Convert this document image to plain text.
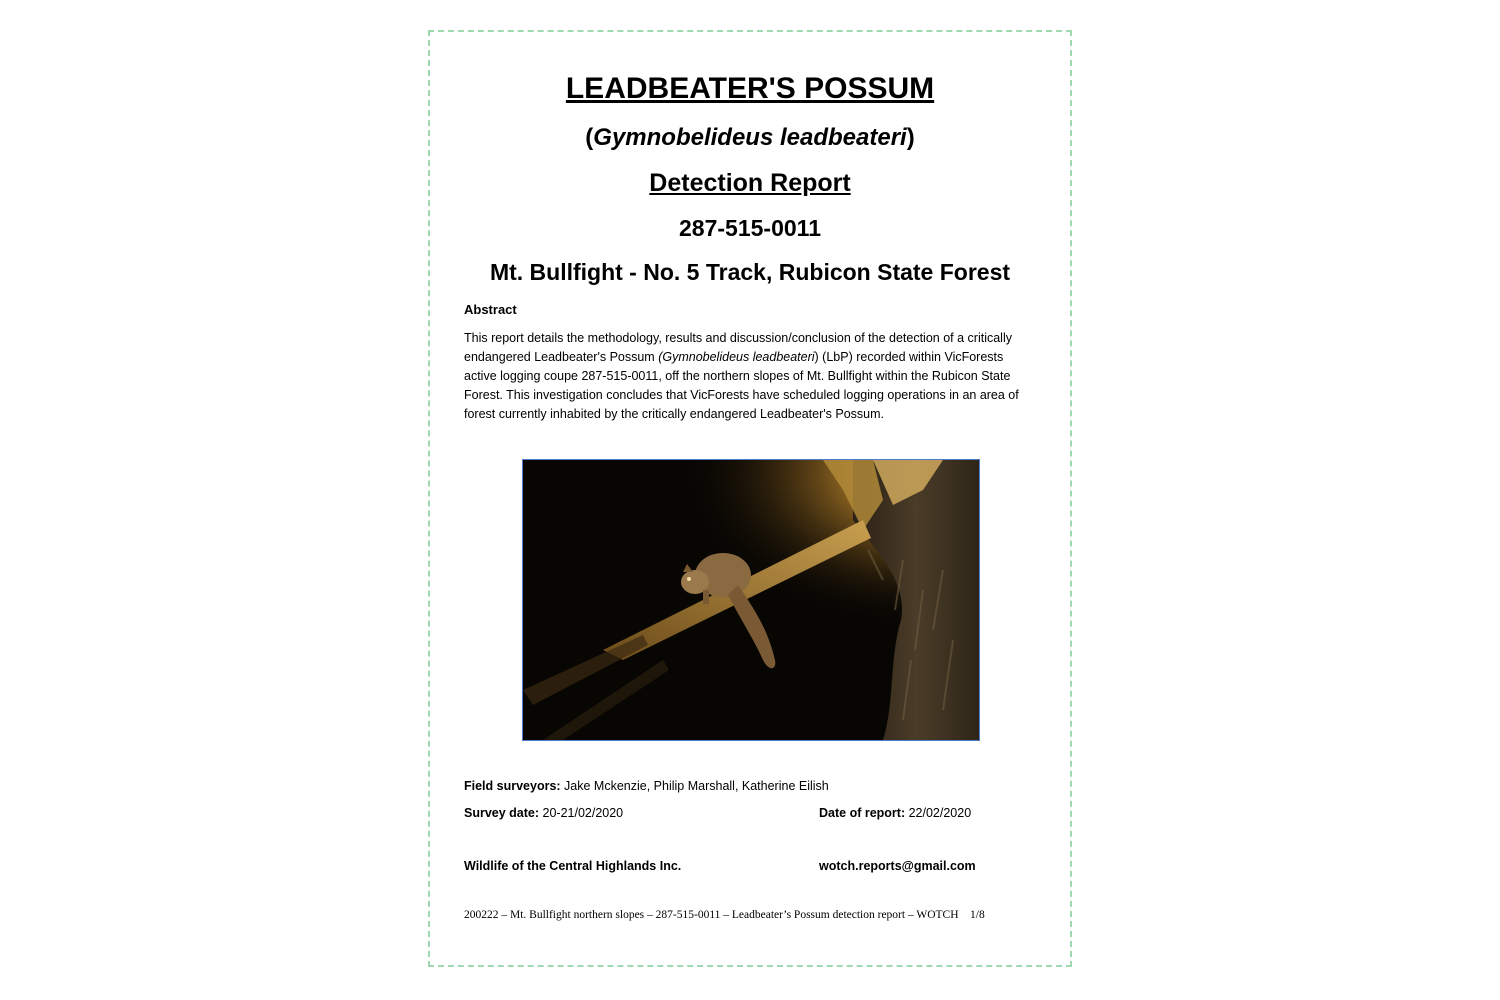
LEADBEATER'S POSSUM
(Gymnobelideus leadbeateri)
Detection Report
287-515-0011
Mt. Bullfight - No. 5 Track, Rubicon State Forest
Abstract
This report details the methodology, results and discussion/conclusion of the detection of a critically endangered Leadbeater's Possum (Gymnobelideus leadbeateri) (LbP) recorded within VicForests active logging coupe 287-515-0011, off the northern slopes of Mt. Bullfight within the Rubicon State Forest. This investigation concludes that VicForests have scheduled logging operations in an area of forest currently inhabited by the critically endangered Leadbeater's Possum.
Field surveyors: Jake Mckenzie, Philip Marshall, Katherine Eilish
Survey date: 20-21/02/2020	Date of report: 22/02/2020
Wildlife of the Central Highlands Inc.	wotch.reports@gmail.com
200222 – Mt. Bullfight northern slopes – 287-515-0011 – Leadbeater’s Possum detection report – WOTCH 1/8
